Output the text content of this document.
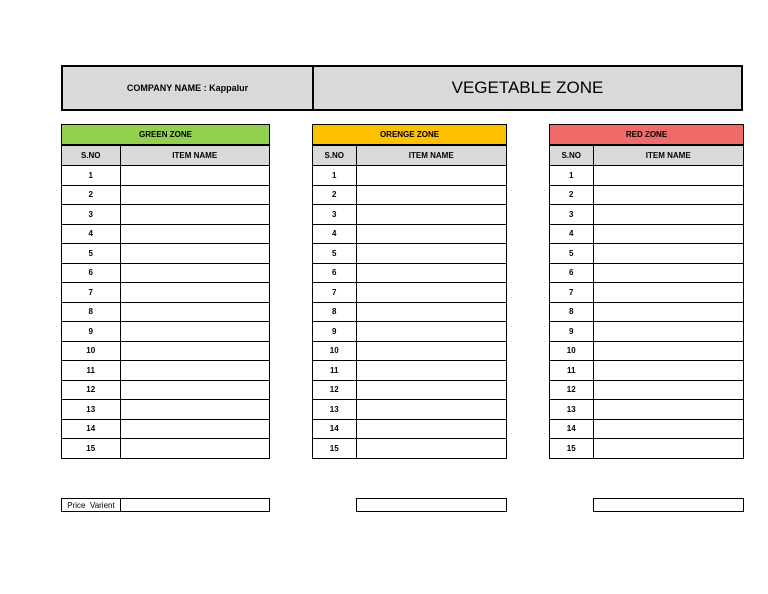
COMPANY NAME : Kappalur	VEGETABLE ZONE
GREEN ZONE
S.NO	ITEM NAME
1	
2	
3	
4	
5	
6	
7	
8	
9	
10	
11	
12	
13	
14	
15	
ORENGE ZONE
S.NO	ITEM NAME
1	
2	
3	
4	
5	
6	
7	
8	
9	
10	
11	
12	
13	
14	
15	
RED ZONE
S.NO	ITEM NAME
1	
2	
3	
4	
5	
6	
7	
8	
9	
10	
11	
12	
13	
14	
15	
Price  Varient
